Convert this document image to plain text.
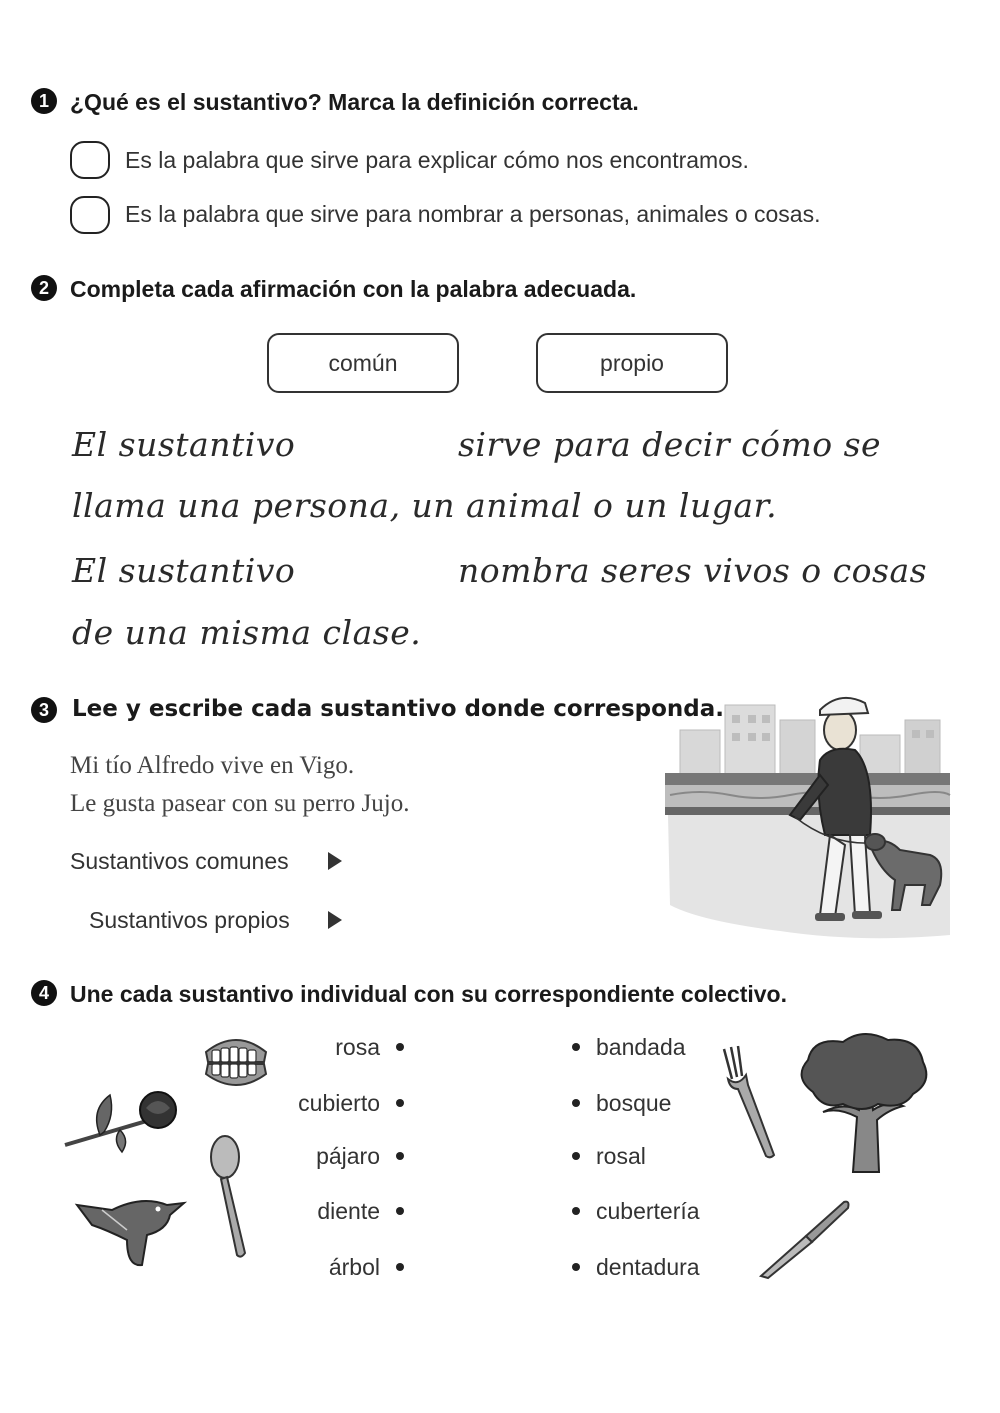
1 ¿Qué es el sustantivo? Marca la definición correcta.
Es la palabra que sirve para explicar cómo nos encontramos.
Es la palabra que sirve para nombrar a personas, animales o cosas.
2 Completa cada afirmación con la palabra adecuada.
común	propio
El sustantivo	sirve para decir cómo se
llama una persona, un animal o un lugar.
El sustantivo	nombra seres vivos o cosas
de una misma clase.
3	Lee y escribe cada sustantivo donde corresponda.
Mi tío Alfredo vive en Vigo.
Le gusta pasear con su perro Jujo.
Sustantivos comunes
Sustantivos propios
4 Une cada sustantivo individual con su correspondiente colectivo.
rosa
cubierto
pájaro
diente
árbol
bandada
bosque
rosal
cubertería
dentadura
